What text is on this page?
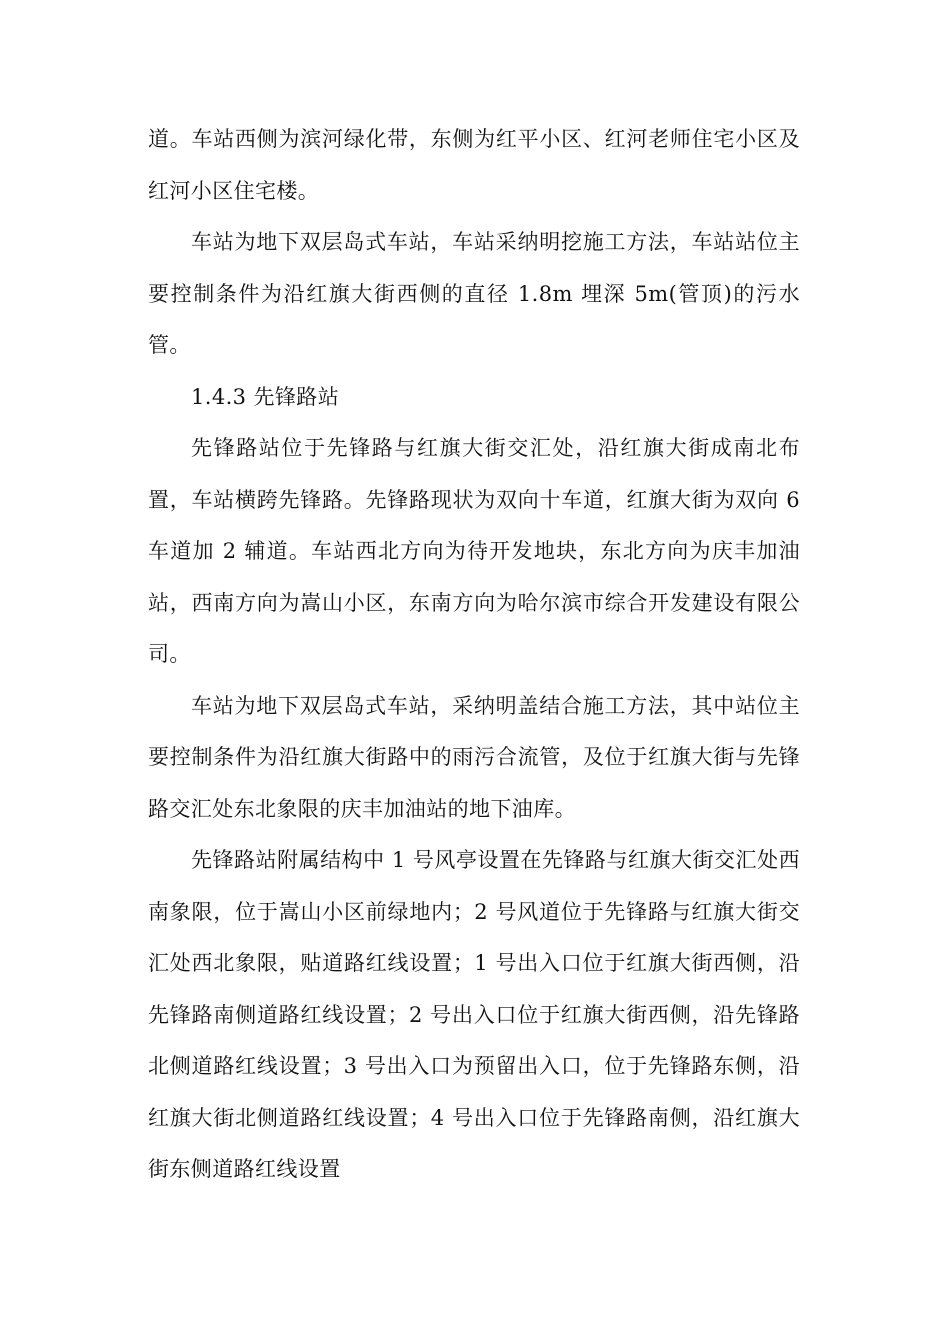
道。车站西侧为滨河绿化带，东侧为红平小区、红河老师住宅小区及红河小区住宅楼。

车站为地下双层岛式车站，车站采纳明挖施工方法，车站站位主要控制条件为沿红旗大街西侧的直径 1.8m 埋深 5m(管顶)的污水管。

1.4.3 先锋路站

先锋路站位于先锋路与红旗大街交汇处，沿红旗大街成南北布置，车站横跨先锋路。先锋路现状为双向十车道，红旗大街为双向 6 车道加 2 辅道。车站西北方向为待开发地块，东北方向为庆丰加油站，西南方向为嵩山小区，东南方向为哈尔滨市综合开发建设有限公司。

车站为地下双层岛式车站，采纳明盖结合施工方法，其中站位主要控制条件为沿红旗大街路中的雨污合流管，及位于红旗大街与先锋路交汇处东北象限的庆丰加油站的地下油库。

先锋路站附属结构中 1 号风亭设置在先锋路与红旗大街交汇处西南象限，位于嵩山小区前绿地内；2 号风道位于先锋路与红旗大街交汇处西北象限，贴道路红线设置；1 号出入口位于红旗大街西侧，沿先锋路南侧道路红线设置；2 号出入口位于红旗大街西侧，沿先锋路北侧道路红线设置；3 号出入口为预留出入口，位于先锋路东侧，沿红旗大街北侧道路红线设置；4 号出入口位于先锋路南侧，沿红旗大街东侧道路红线设置
